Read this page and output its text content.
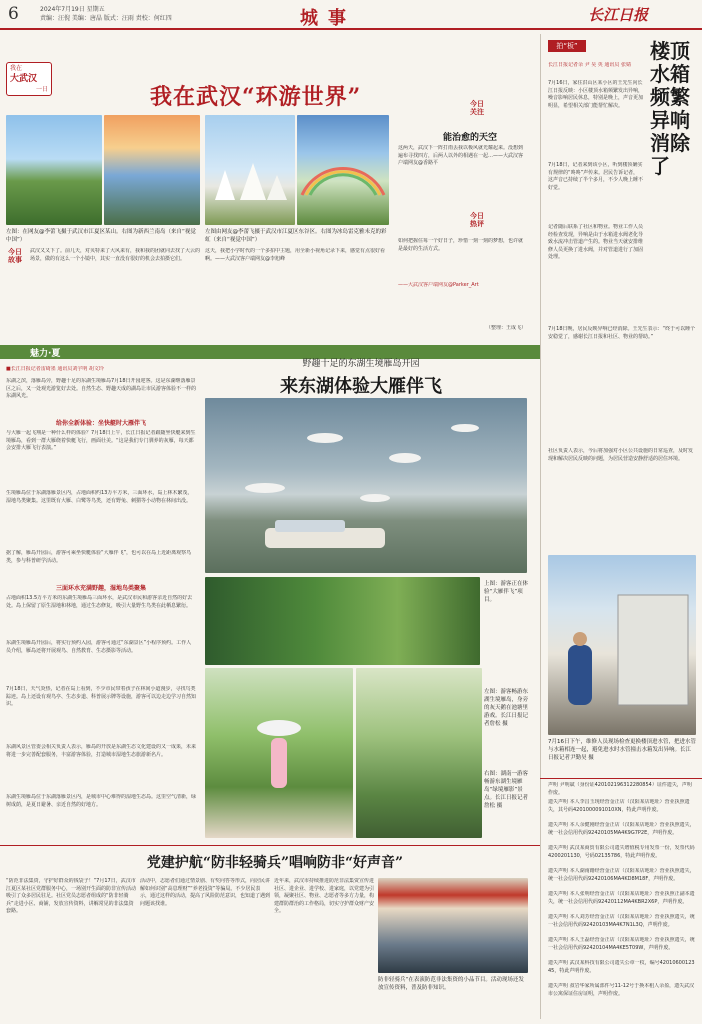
6	2024年7月19日 星期五
责编：汪倪 美编：唐晶 版式：汪雨 责校：何红四	城事	长江日报
我在
大武汉
一日	我在武汉“环游世界”
左图：在网友@李蕾飞摄于武汉市江夏区某山。右图为新西兰南岛（来自“视觉中国”）
左图由网友@李蕾飞摄于武汉市江夏区东谷区。右图为冰岛雷克雅未克的彩虹（来自“视觉中国”）
今日
关注
能治愈的天空
这两天，武汉下一阵打雨丢我以极风就光耀起来。没想到遍布寻找四方，后两人以外的相遇在一起…——大武汉客户端网友@香路平
今日
故事
武汉又又下了。前几天，对贝特来了大风来有，我和我的团就同去找了大云的场景，做的有这么一个小镜中，其实一直没有很好的机会去拍摄它们。
这天，我把小学时代的一个多拍中主题，用全新小视角记录下来，感觉有点很好看啊。——大武汉客户端网友@李旭峰
今日
热评
如何把握住每一个好日子，珍惜一刻一刻的梦想，也许就是最好的生活方式。
——大武汉客户端网友@Parker_Art
（整理：王成飞）
魅力·夏
野趣十足的东湖生境雁岛开园
来东湖体验大雁伴飞
■长江日报记者雷绮墨 通讯员刘宇明 胡文玲
东湖之滨，落雁岛旁，野趣十足的东湖生境雁岛7月18日开园迎客。这是东湖继落雁景区之后，又一处观光游览好去处。自然生态、野趣天成的湖岛让市民游客体验不一样的东湖风光。
给你全新体验：坐快艇时大雁伴飞
与大雁一起飞翔是一种什么样的体验？7月18日上午，长江日报记者跟随坐快艇来到生境雁岛，看到一群大雁绕着快艇飞行，画面壮美。“这是我们专门驯养的灰雁，每天都会安排大雁飞行表演。”
生境雁岛位于东湖落雁景区内，占地面积约13万平方米，三面环水，岛上林木繁茂，湿地鸟类聚集。这里既有大雁、白鹭等鸟类，还有野兔、刺猬等小动物在林间出没。
据了解，雁岛开园后，游客可乘坐快艇体验“大雁伴飞”，也可以在岛上近距离观察鸟类，参与科普研学活动。
三面环水充满野趣，湿地鸟类聚集
占地面积13.5万平方米的东湖生境雁岛三面环水，是武汉市民和游客亲近自然的好去处。岛上保留了原生湿地和林地，通过生态修复，吸引大量野生鸟类在此栖息繁衍。
东湖生境雁岛开园后，将实行预约入园，游客可通过“东湖景区”小程序预约。工作人员介绍，雁岛还将开展观鸟、自然教育、生态摄影等活动。
7月18日，天气炎热，记者在岛上看到，不少市民带着孩子在林间小道漫步，寻找鸟类踪迹。岛上还设有观鸟亭、生态步道、科普展示牌等设施，游客可以边走边学习自然知识。
东湖风景区管委会相关负责人表示，雁岛的开放是东湖生态文化建设的又一成果，未来将进一步完善配套服务，丰富游客体验，打造城市湿地生态旅游新名片。
东湖生境雁岛位于东湖落雁景区内，是城市中心难得的湿地生态岛。这里空气清新，绿树成荫，是夏日避暑、亲近自然的好地方。
上图：游客正在体验“大雁伴飞”项目。
左图：游客畅游东湖生境雁岛，身旁的灰天鹅在池塘里游戏。长江日报记者詹松 摄
右图：湖南一游客畅游东湖生境雁岛“绿境雁影”景点。长江日报记者詹松 摄
党建护航“防非轻骑兵”唱响防非“好声音”
“防范非法集资，守护好群众的钱袋子！”7月17日，武汉市江夏区某社区党群服务中心，一场别开生面的防非宣传活动吸引了众多居民驻足。社区党员志愿者组成的“防非轻骑兵”走进小区、商铺，发放宣传资料，讲解常见的非法集资套路。
活动中，志愿者们通过情景剧、有奖问答等形式，向居民讲解如何识别“高息理财”“养老投资”等骗局。不少居民表示，通过这样的活动，提高了风险防范意识，也知道了遇到问题该找谁。
近年来，武汉市持续推进防范非法集资宣传进社区、进企业、进学校、进家庭，以党建为引领，凝聚社区、物业、志愿者等多方力量，构建群防群治的工作格局，切实守护群众财产安全。
防非轻骑兵“在表演防范非法集资的小品节目。活动现场还发放宣传资料，普及防非知识。
拍“板”	楼顶水箱频繁异响消除了
长江日报记者余 尹 昊 英 通讯员 张婧
7月16日，家住洪山区某小区的王先生向长江日报反映：小区楼顶水箱频繁发出异响，噪音影响居民休息，特别是晚上，声音更加明显，希望相关部门能帮忙解决。
7月18日，记者来到该小区，听到楼顶确实有规律的“咚咚”声传来。居民告诉记者，这声音已持续了半个多月，不少人晚上睡不好觉。
记者随后联系了社区和物业。物业工作人员经检查发现，异响是由于水箱进水阀老化导致水流冲击管道产生的。物业当天就安排维修人员更换了进水阀，并对管道进行了加固处理。
7月18日晚，居民反映异响已经消除。王先生表示：“终于可以睡个安稳觉了，感谢长江日报和社区、物业的帮助。”
社区负责人表示，今后将加强对小区公共设施的日常巡查，及时发现和解决居民反映的问题，为居民营造安静舒适的居住环境。
7月16日下午，维修人员现场检查更换楼顶进水管，把进水管与水箱相连一起，避免进水时水管撞击水箱发出异响。长江日报记者尹勤昊 摄
声明 尹明斌（身份证420102196312280854）证件遗失，声明作废。
遗失声明 本人李昌玉现经营金正店（汉阳某店地址）营业执照遗失，其号码4201000091010XN，特此声明作废。
遗失声明 本人余健刚经营金正店（汉阳某店地址）营业执照遗失，统一社会信用代码92420105MA4K9G7P2E，声明作废。
遗失声明 武汉某商贸有限公司遗失增值税专用发票一份，发票代码4200201130，号码02135786，特此声明作废。
遗失声明 本人湖南籍经营金正店（汉阳某店地址）营业执照遗失，统一社会信用代码92420106MA4KD8M18F，声明作废。
遗失声明 本人张明经营金正店（汉阳某店地址）营业执照正副本遗失，统一社会信用代码92420112MA4KBR2X6P，声明作废。
遗失声明 本人刘芳经营金正店（汉阳某店地址）营业执照遗失，统一社会信用代码92420103MA4K7N1L3Q，声明作废。
遗失声明 本人王磊经营金正店（汉阳某店地址）营业执照遗失，统一社会信用代码92420104MA4KE5T09W，声明作废。
遗失声明 武汉某科技有限公司遗失公章一枚，编号4201060012345，特此声明作废。
遗失声明 叔岩华家所属部件号11-12号于换本租人余盈，遗失武汉市公寓保证住房证明，声明作废。
